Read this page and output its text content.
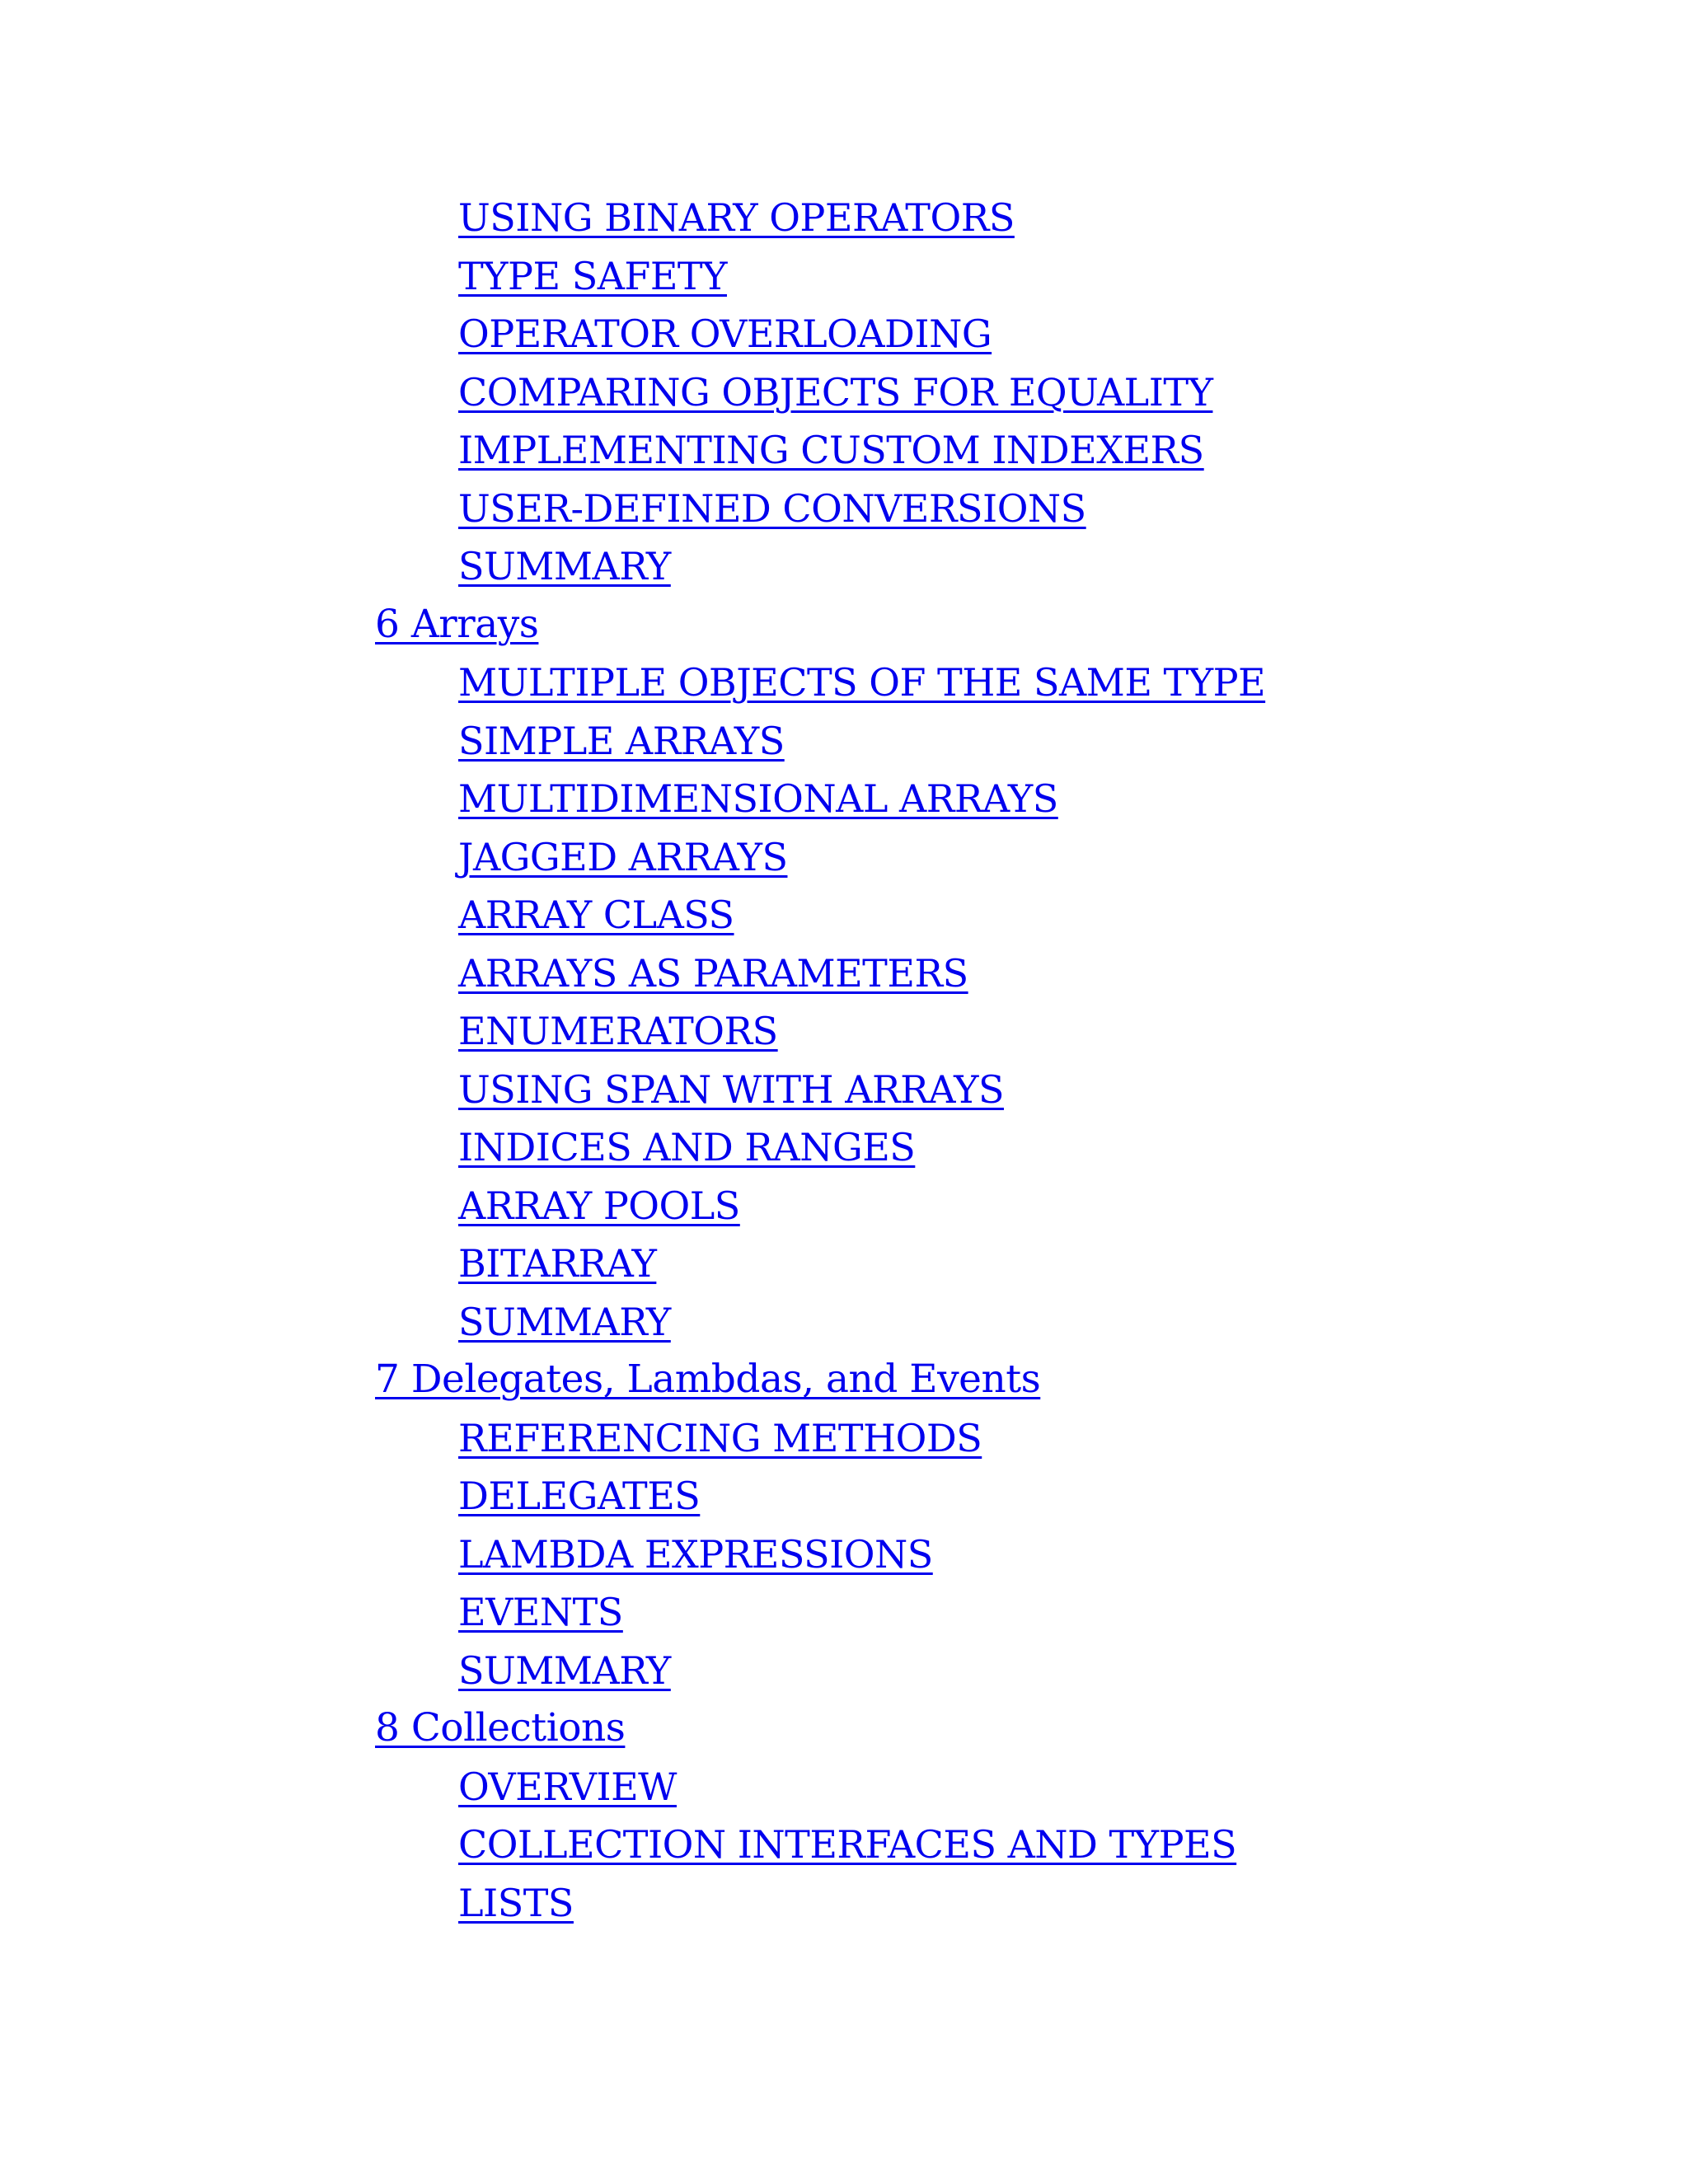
USING BINARY OPERATORS
TYPE SAFETY
OPERATOR OVERLOADING
COMPARING OBJECTS FOR EQUALITY
IMPLEMENTING CUSTOM INDEXERS
USER-DEFINED CONVERSIONS
SUMMARY
6 Arrays
MULTIPLE OBJECTS OF THE SAME TYPE
SIMPLE ARRAYS
MULTIDIMENSIONAL ARRAYS
JAGGED ARRAYS
ARRAY CLASS
ARRAYS AS PARAMETERS
ENUMERATORS
USING SPAN WITH ARRAYS
INDICES AND RANGES
ARRAY POOLS
BITARRAY
SUMMARY
7 Delegates, Lambdas, and Events
REFERENCING METHODS
DELEGATES
LAMBDA EXPRESSIONS
EVENTS
SUMMARY
8 Collections
OVERVIEW
COLLECTION INTERFACES AND TYPES
LISTS
